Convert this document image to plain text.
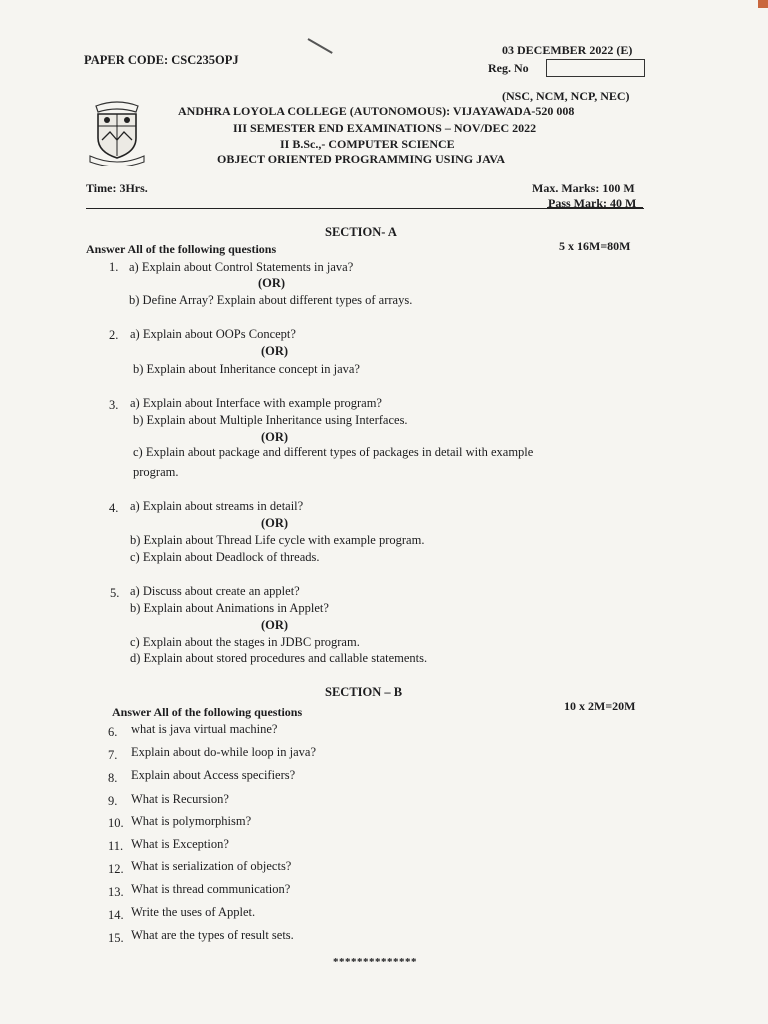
PAPER CODE: CSC235OPJ
03 DECEMBER 2022 (E)
Reg. No
(NSC, NCM, NCP, NEC)
ANDHRA LOYOLA COLLEGE (AUTONOMOUS): VIJAYAWADA-520 008
III SEMESTER END EXAMINATIONS – NOV/DEC 2022
II B.Sc.,- COMPUTER SCIENCE
OBJECT ORIENTED PROGRAMMING USING JAVA
Time: 3Hrs.	Max. Marks: 100 M
Pass Mark: 40 M
SECTION- A
Answer All of the following questions	5 x 16M=80M
1. a) Explain about Control Statements in java?
(OR)
b) Define Array? Explain about different types of arrays.
2. a) Explain about OOPs Concept?
(OR)
b) Explain about Inheritance concept in java?
3. a) Explain about Interface with example program?
b) Explain about Multiple Inheritance using Interfaces.
(OR)
c) Explain about package and different types of packages in detail with example
program.
4. a) Explain about streams in detail?
(OR)
b) Explain about Thread Life cycle with example program.
c) Explain about Deadlock of threads.
5. a) Discuss about create an applet?
b) Explain about Animations in Applet?
(OR)
c) Explain about the stages in JDBC program.
d) Explain about stored procedures and callable statements.
SECTION – B
Answer All of the following questions	10 x 2M=20M
6. what is java virtual machine?
7. Explain about do-while loop in java?
8. Explain about Access specifiers?
9. What is Recursion?
10. What is polymorphism?
11. What is Exception?
12. What is serialization of objects?
13. What is thread communication?
14. Write the uses of Applet.
15. What are the types of result sets.
**************
